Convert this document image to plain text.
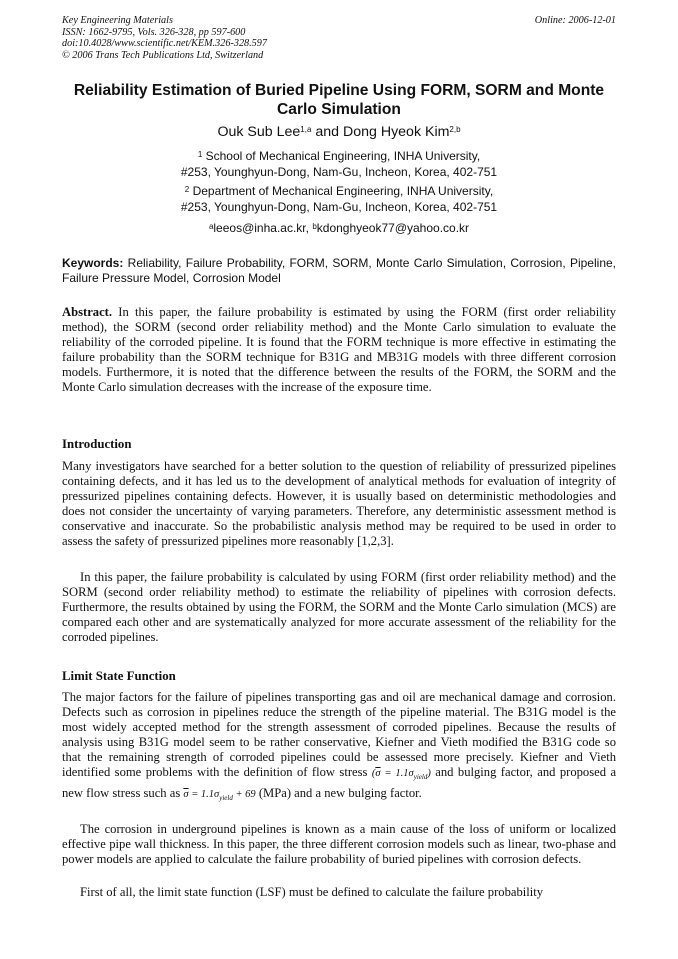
Key Engineering Materials	Online: 2006-12-01
ISSN: 1662-9795, Vols. 326-328, pp 597-600
doi:10.4028/www.scientific.net/KEM.326-328.597
© 2006 Trans Tech Publications Ltd, Switzerland
Reliability Estimation of Buried Pipeline Using FORM, SORM and Monte Carlo Simulation
Ouk Sub Lee$^{1,a}$ and Dong Hyeok Kim$^{2,b}$
$^1$ School of Mechanical Engineering, INHA University,
#253, Younghyun-Dong, Nam-Gu, Incheon, Korea, 402-751
$^2$ Department of Mechanical Engineering, INHA University,
#253, Younghyun-Dong, Nam-Gu, Incheon, Korea, 402-751
$^a$leeos@inha.ac.kr, $^b$kdonghyeok77@yahoo.co.kr
Keywords: Reliability, Failure Probability, FORM, SORM, Monte Carlo Simulation, Corrosion, Pipeline, Failure Pressure Model, Corrosion Model
Abstract. In this paper, the failure probability is estimated by using the FORM (first order reliability method), the SORM (second order reliability method) and the Monte Carlo simulation to evaluate the reliability of the corroded pipeline. It is found that the FORM technique is more effective in estimating the failure probability than the SORM technique for B31G and MB31G models with three different corrosion models. Furthermore, it is noted that the difference between the results of the FORM, the SORM and the Monte Carlo simulation decreases with the increase of the exposure time.
Introduction
Many investigators have searched for a better solution to the question of reliability of pressurized pipelines containing defects, and it has led us to the development of analytical methods for evaluation of integrity of pressurized pipelines containing defects. However, it is usually based on deterministic methodologies and does not consider the uncertainty of varying parameters. Therefore, any deterministic assessment method is conservative and inaccurate. So the probabilistic analysis method may be required to be used in order to assess the safety of pressurized pipelines more reasonably [1,2,3].
In this paper, the failure probability is calculated by using FORM (first order reliability method) and the SORM (second order reliability method) to estimate the reliability of pipelines with corrosion defects. Furthermore, the results obtained by using the FORM, the SORM and the Monte Carlo simulation (MCS) are compared each other and are systematically analyzed for more accurate assessment of the reliability for the corroded pipelines.
Limit State Function
The major factors for the failure of pipelines transporting gas and oil are mechanical damage and corrosion. Defects such as corrosion in pipelines reduce the strength of the pipeline material. The B31G model is the most widely accepted method for the strength assessment of corroded pipelines. Because the results of analysis using B31G model seem to be rather conservative, Kiefner and Vieth modified the B31G code so that the remaining strength of corroded pipelines could be assessed more precisely. Kiefner and Vieth identified some problems with the definition of flow stress $(\overline{\sigma} = 1.1\sigma_{yield})$ and bulging factor, and proposed a new flow stress such as $\overline{\sigma} = 1.1\sigma_{yield} + 69$ (MPa) and a new bulging factor.
The corrosion in underground pipelines is known as a main cause of the loss of uniform or localized effective pipe wall thickness. In this paper, the three different corrosion models such as linear, two-phase and power models are applied to calculate the failure probability of buried pipelines with corrosion defects.
First of all, the limit state function (LSF) must be defined to calculate the failure probability
